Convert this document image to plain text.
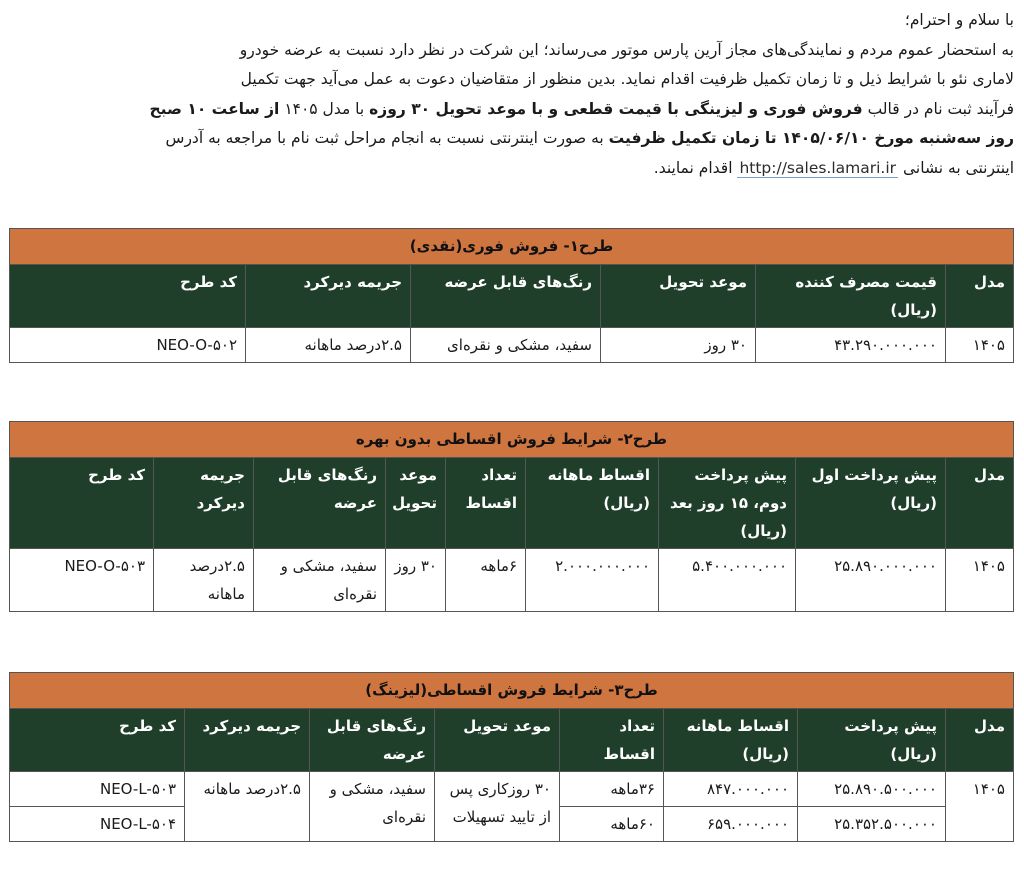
با سلام و احترام؛

به استحضار عموم مردم و نمایندگی‌های مجاز آرین پارس موتور می‌رساند؛ این شرکت در نظر دارد نسبت به عرضه خودرو

لاماری نئو با شرایط ذیل و تا زمان تکمیل ظرفیت اقدام نماید. بدین منظور از متقاضیان دعوت به عمل می‌آید جهت تکمیل

فرآیند ثبت نام در قالب فروش فوری و لیزینگی با قیمت قطعی و با موعد تحویل ۳۰ روزه با مدل ۱۴۰۵ از ساعت ۱۰ صبح

روز سه‌شنبه مورخ ۱۴۰۵/۰۶/۱۰ تا زمان تکمیل ظرفیت به صورت اینترنتی نسبت به انجام مراحل ثبت نام با مراجعه به آدرس

اینترنتی به نشانی http://sales.lamari.ir اقدام نمایند.

طرح۱- فروش فوری(نقدی)					
مدل	قیمت مصرف کننده (ریال)	موعد تحویل	رنگ‌های قابل عرضه	جریمه دیرکرد	کد طرح
۱۴۰۵	۴۳.۲۹۰.۰۰۰.۰۰۰	۳۰ روز	سفید، مشکی و نقره‌ای	۲.۵درصد ماهانه	NEO-O-۵۰۲
طرح۲- شرایط فروش اقساطی بدون بهره								
مدل	پیش پرداخت اول (ریال)	پیش پرداخت دوم، ۱۵ روز بعد (ریال)	اقساط ماهانه (ریال)	تعداد اقساط	موعد تحویل	رنگ‌های قابل عرضه	جریمه دیرکرد	کد طرح
۱۴۰۵	۲۵.۸۹۰.۰۰۰.۰۰۰	۵.۴۰۰.۰۰۰.۰۰۰	۲.۰۰۰.۰۰۰.۰۰۰	۶ماهه	۳۰ روز	سفید، مشکی و نقره‌ای	۲.۵درصد ماهانه	NEO-O-۵۰۳
طرح۳- شرایط فروش اقساطی(لیزینگ)							
مدل	پیش پرداخت (ریال)	اقساط ماهانه (ریال)	تعداد اقساط	موعد تحویل	رنگ‌های قابل عرضه	جریمه دیرکرد	کد طرح
۱۴۰۵	۲۵.۸۹۰.۵۰۰.۰۰۰	۸۴۷.۰۰۰.۰۰۰	۳۶ماهه	۳۰ روزکاری پس از تایید تسهیلات	سفید، مشکی و نقره‌ای	۲.۵درصد ماهانه	NEO-L-۵۰۳
	۲۵.۳۵۲.۵۰۰.۰۰۰	۶۵۹.۰۰۰.۰۰۰	۶۰ماهه				NEO-L-۵۰۴
